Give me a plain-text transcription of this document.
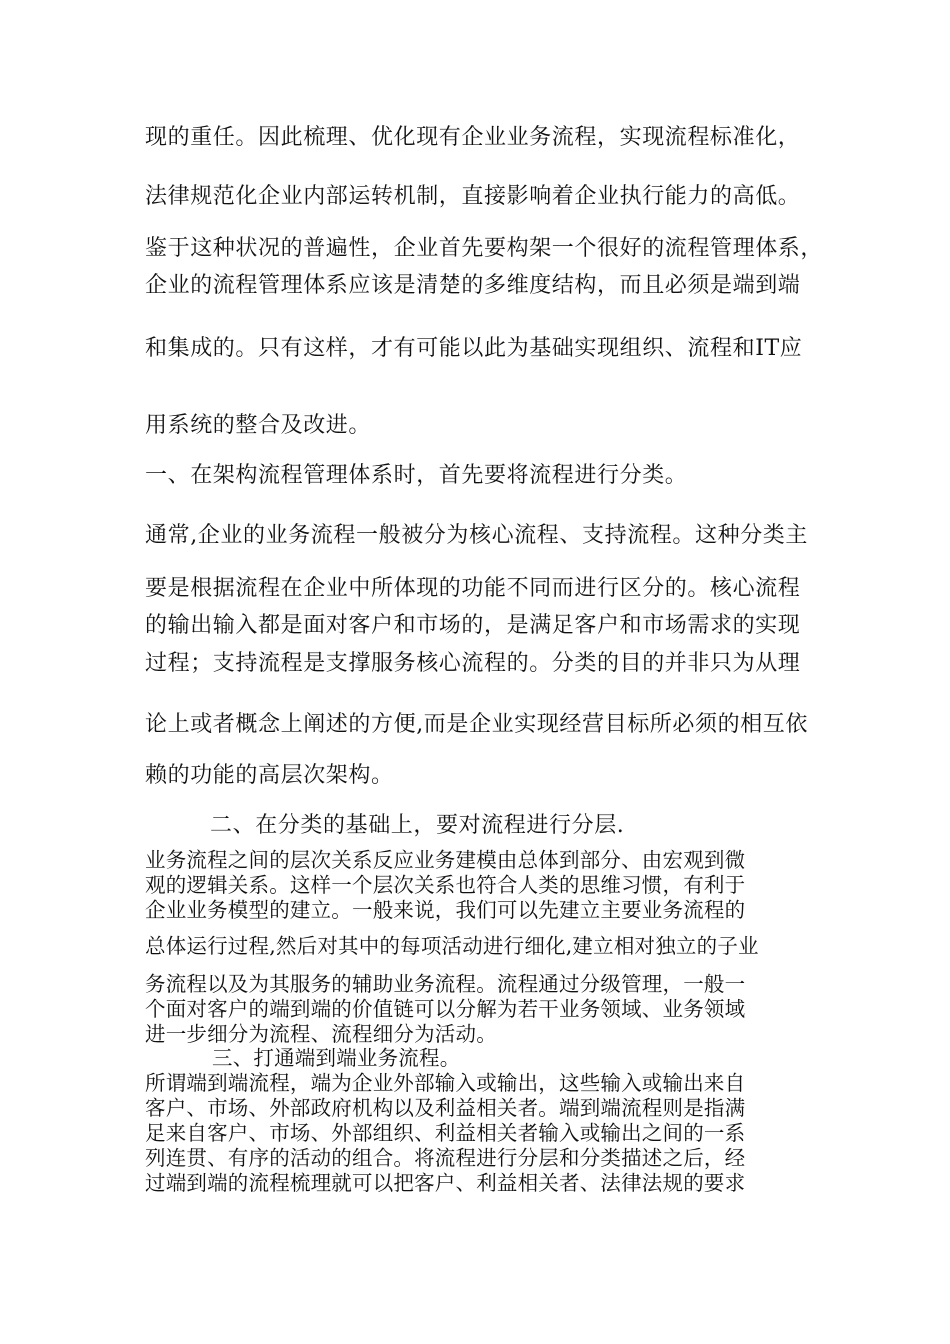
现的重任。因此梳理、优化现有企业业务流程，实现流程标准化，
法律规范化企业内部运转机制，直接影响着企业执行能力的高低。
鉴于这种状况的普遍性，企业首先要构架一个很好的流程管理体系，
企业的流程管理体系应该是清楚的多维度结构，而且必须是端到端
和集成的。只有这样，才有可能以此为基础实现组织、流程和IT应
用系统的整合及改进。
一、在架构流程管理体系时，首先要将流程进行分类。
通常,企业的业务流程一般被分为核心流程、支持流程。这种分类主
要是根据流程在企业中所体现的功能不同而进行区分的。核心流程
的输出输入都是面对客户和市场的，是满足客户和市场需求的实现
过程；支持流程是支撑服务核心流程的。分类的目的并非只为从理
论上或者概念上阐述的方便,而是企业实现经营目标所必须的相互依
赖的功能的高层次架构。
二、在分类的基础上，要对流程进行分层.
业务流程之间的层次关系反应业务建模由总体到部分、由宏观到微
观的逻辑关系。这样一个层次关系也符合人类的思维习惯，有利于
企业业务模型的建立。一般来说，我们可以先建立主要业务流程的
总体运行过程,然后对其中的每项活动进行细化,建立相对独立的子业
务流程以及为其服务的辅助业务流程。流程通过分级管理，一般一
个面对客户的端到端的价值链可以分解为若干业务领域、业务领域
进一步细分为流程、流程细分为活动。
三、打通端到端业务流程。
所谓端到端流程，端为企业外部输入或输出，这些输入或输出来自
客户、市场、外部政府机构以及利益相关者。端到端流程则是指满
足来自客户、市场、外部组织、利益相关者输入或输出之间的一系
列连贯、有序的活动的组合。将流程进行分层和分类描述之后，经
过端到端的流程梳理就可以把客户、利益相关者、法律法规的要求
